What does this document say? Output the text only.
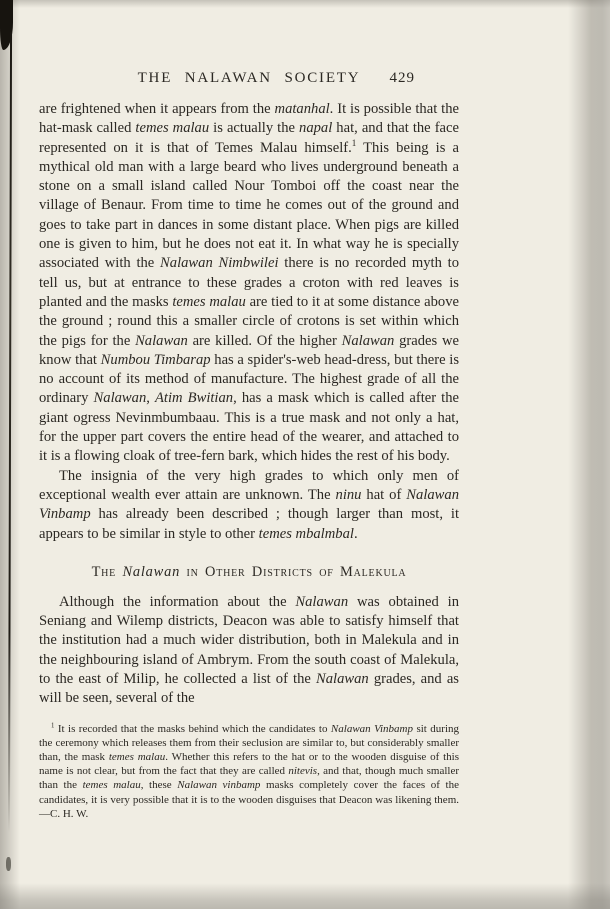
THE NALAWAN SOCIETY	429

are frightened when it appears from the matanhal. It is possible that the hat-mask called temes malau is actually the napal hat, and that the face represented on it is that of Temes Malau himself.$^1$ This being is a mythical old man with a large beard who lives underground beneath a stone on a small island called Nour Tomboi off the coast near the village of Benaur. From time to time he comes out of the ground and goes to take part in dances in some distant place. When pigs are killed one is given to him, but he does not eat it. In what way he is specially associated with the Nalawan Nimbwilei there is no recorded myth to tell us, but at entrance to these grades a croton with red leaves is planted and the masks temes malau are tied to it at some distance above the ground ; round this a smaller circle of crotons is set within which the pigs for the Nalawan are killed. Of the higher Nalawan grades we know that Numbou Timbarap has a spider's-web head-dress, but there is no account of its method of manufacture. The highest grade of all the ordinary Nalawan, Atim Bwitian, has a mask which is called after the giant ogress Nevinmbumbaau. This is a true mask and not only a hat, for the upper part covers the entire head of the wearer, and attached to it is a flowing cloak of tree-fern bark, which hides the rest of his body.

The insignia of the very high grades to which only men of exceptional wealth ever attain are unknown. The ninu hat of Nalawan Vinbamp has already been described ; though larger than most, it appears to be similar in style to other temes mbalmbal.

The Nalawan in Other Districts of Malekula

Although the information about the Nalawan was obtained in Seniang and Wilemp districts, Deacon was able to satisfy himself that the institution had a much wider distribution, both in Malekula and in the neighbouring island of Ambrym. From the south coast of Malekula, to the east of Milip, he collected a list of the Nalawan grades, and as will be seen, several of the

$^1$ It is recorded that the masks behind which the candidates to Nalawan Vinbamp sit during the ceremony which releases them from their seclusion are similar to, but considerably smaller than, the mask temes malau. Whether this refers to the hat or to the wooden disguise of this name is not clear, but from the fact that they are called nitevis, and that, though much smaller than the temes malau, these Nalawan vinbamp masks completely cover the faces of the candidates, it is very possible that it is to the wooden disguises that Deacon was likening them.—C. H. W.
